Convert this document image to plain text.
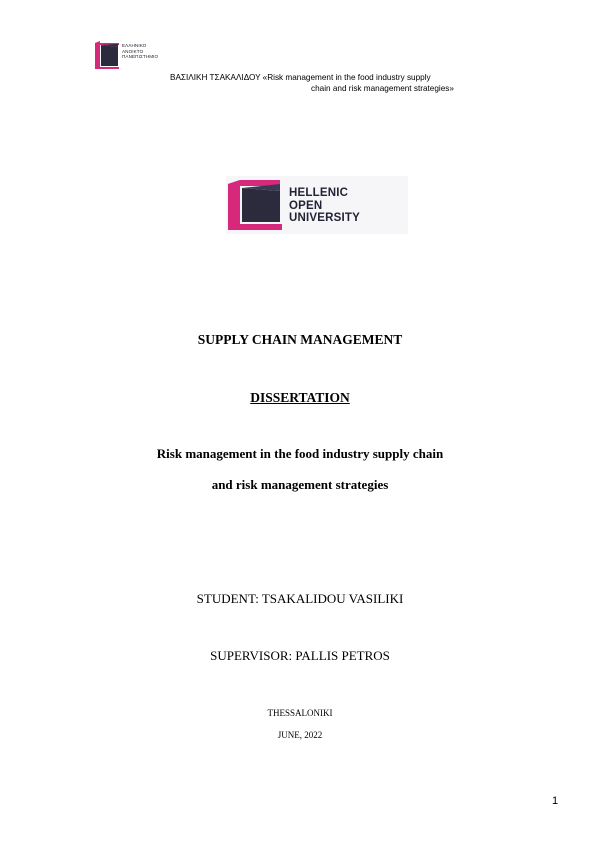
ΕΛΛΗΝΙΚΟ
ΑΝΟΙΚΤΟ
ΠΑΝΕΠΙΣΤΗΜΙΟ
ΒΑΣΙΛΙΚΗ ΤΣΑΚΑΛΙΔΟΥ «Risk management in the food industry supply
chain and risk management strategies»
HELLENIC
OPEN
UNIVERSITY
SUPPLY CHAIN MANAGEMENT
DISSERTATION
Risk management in the food industry supply chain
and risk management strategies
STUDENT: TSAKALIDOU VASILIKI
SUPERVISOR: PALLIS PETROS
THESSALONIKI
JUNE, 2022
1
